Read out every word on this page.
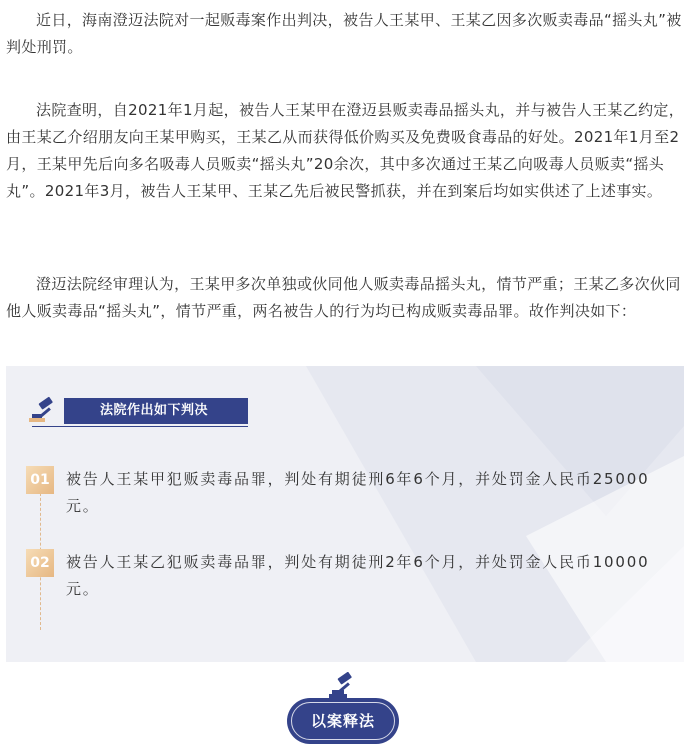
近日，海南澄迈法院对一起贩毒案作出判决，被告人王某甲、王某乙因多次贩卖毒品“摇头丸”被判处刑罚。

法院查明，自2021年1月起，被告人王某甲在澄迈县贩卖毒品摇头丸，并与被告人王某乙约定，由王某乙介绍朋友向王某甲购买，王某乙从而获得低价购买及免费吸食毒品的好处。2021年1月至2月，王某甲先后向多名吸毒人员贩卖“摇头丸”20余次，其中多次通过王某乙向吸毒人员贩卖“摇头丸”。2021年3月，被告人王某甲、王某乙先后被民警抓获，并在到案后均如实供述了上述事实。

澄迈法院经审理认为，王某甲多次单独或伙同他人贩卖毒品摇头丸，情节严重；王某乙多次伙同他人贩卖毒品“摇头丸”，情节严重，两名被告人的行为均已构成贩卖毒品罪。故作判决如下：

法院作出如下判决
01 被告人王某甲犯贩卖毒品罪，判处有期徒刑6年6个月，并处罚金人民币25000元。
02 被告人王某乙犯贩卖毒品罪，判处有期徒刑2年6个月，并处罚金人民币10000元。
以案释法
